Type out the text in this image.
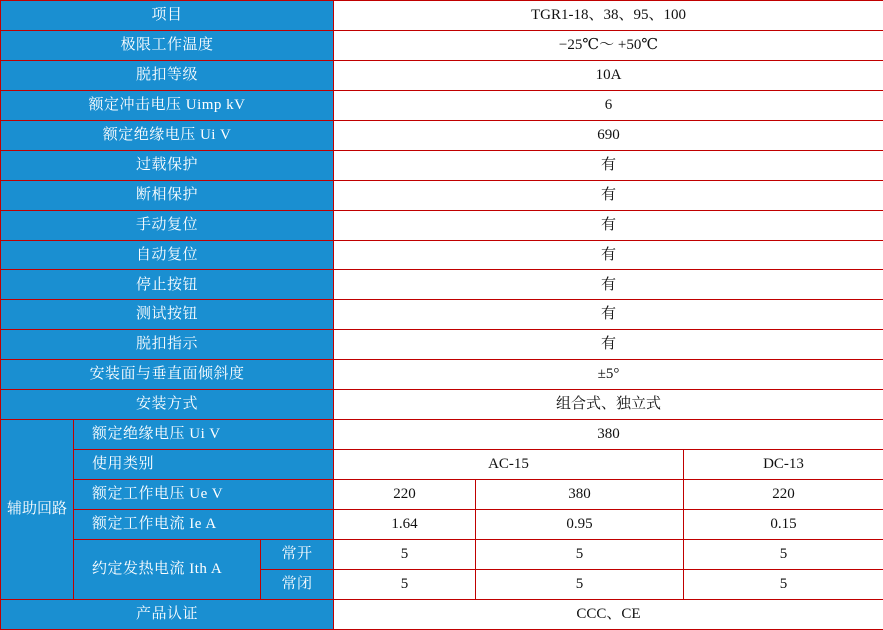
项目			TGR1-18、38、95、100		
极限工作温度			−25℃～ +50℃		
脱扣等级			10A		
额定冲击电压 Uimp kV			6		
额定绝缘电压 Ui V			690		
过载保护			有		
断相保护			有		
手动复位			有		
自动复位			有		
停止按钮			有		
测试按钮			有		
脱扣指示			有		
安装面与垂直面倾斜度			±5°		
安装方式			组合式、独立式		
辅助回路	额定绝缘电压 Ui V		380		
	使用类别		AC-15		DC-13
	额定工作电压 Ue V		220	380	220
	额定工作电流 Ie A		1.64	0.95	0.15
	约定发热电流 Ith A	常开	5	5	5
		常闭	5	5	5
产品认证			CCC、CE		
